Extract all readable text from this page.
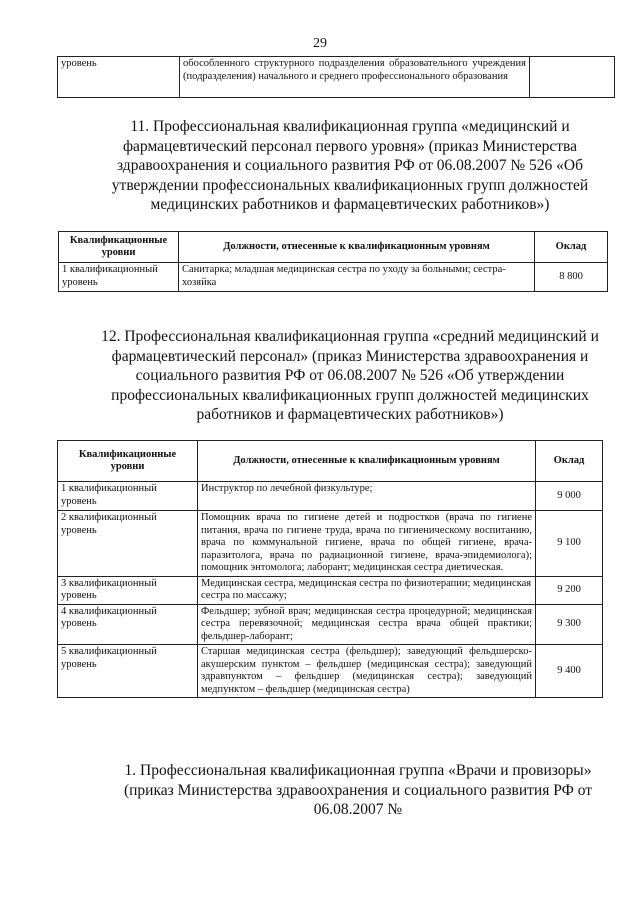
29
уровень	обособленного структурного подразделения образовательного учреждения (подразделения) начального и среднего профессионального образования	
11. Профессиональная квалификационная группа «медицинский и фармацевтический персонал первого уровня» (приказ Министерства здравоохранения и социального развития РФ от 06.08.2007 № 526 «Об утверждении профессиональных квалификационных групп должностей медицинских работников и фармацевтических работников»)
Квалификационные уровни	Должности, отнесенные к квалификационным уровням	Оклад
1 квалификационный уровень	Санитарка; младшая медицинская сестра по уходу за больными; сестра-хозяйка	8 800
12. Профессиональная квалификационная группа «средний медицинский и фармацевтический персонал» (приказ Министерства здравоохранения и социального развития РФ от 06.08.2007 № 526 «Об утверждении профессиональных квалификационных групп должностей медицинских работников и фармацевтических работников»)
Квалификационные уровни	Должности, отнесенные к квалификационным уровням	Оклад
1 квалификационный уровень	Инструктор по лечебной физкультуре;	9 000
2 квалификационный уровень	Помощник врача по гигиене детей и подростков (врача по гигиене питания, врача по гигиене труда, врача по гигиеническому воспитанию, врача по коммунальной гигиене, врача по общей гигиене, врача-паразитолога, врача по радиационной гигиене, врача-эпидемиолога); помощник энтомолога; лаборант; медицинская сестра диетическая.	9 100
3 квалификационный уровень	Медицинская сестра, медицинская сестра по физиотерапии; медицинская сестра по массажу;	9 200
4 квалификационный уровень	Фельдшер; зубной врач; медицинская сестра процедурной; медицинская сестра перевязочной; медицинская сестра врача общей практики; фельдшер-лаборант;	9 300
5 квалификационный уровень	Старшая медицинская сестра (фельдшер); заведующий фельдшерско-акушерским пунктом – фельдшер (медицинская сестра); заведующий здравпунктом – фельдшер (медицинская сестра); заведующий медпунктом – фельдшер (медицинская сестра)	9 400
1. Профессиональная квалификационная группа «Врачи и провизоры» (приказ Министерства здравоохранения и социального развития РФ от 06.08.2007 №
